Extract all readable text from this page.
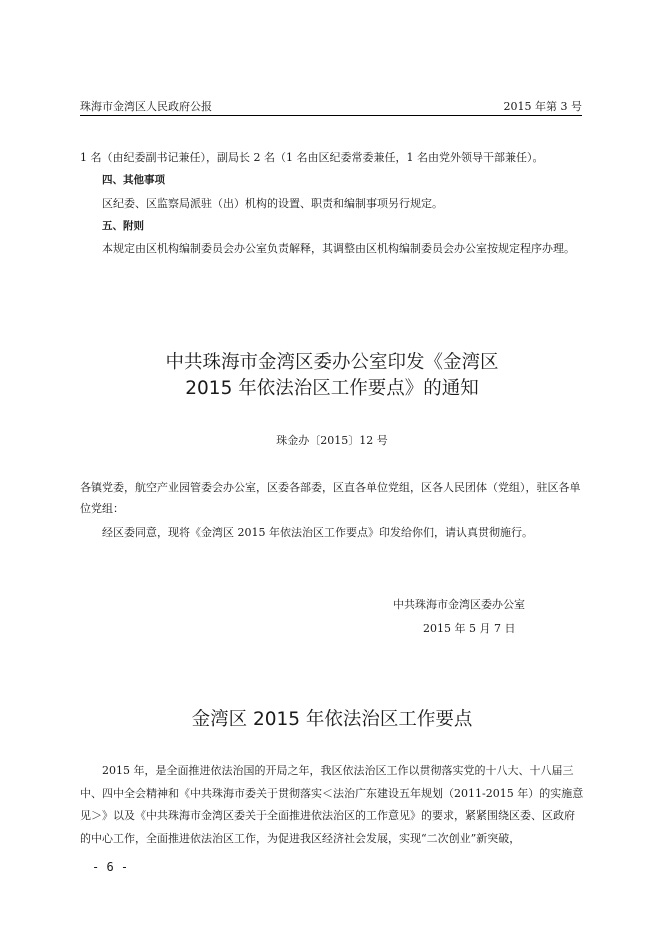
珠海市金湾区人民政府公报	2015 年第 3 号

1 名（由纪委副书记兼任），副局长 2 名（1 名由区纪委常委兼任，1 名由党外领导干部兼任）。

四、其他事项

区纪委、区监察局派驻（出）机构的设置、职责和编制事项另行规定。

五、附则

本规定由区机构编制委员会办公室负责解释，其调整由区机构编制委员会办公室按规定程序办理。

中共珠海市金湾区委办公室印发《金湾区
2015 年依法治区工作要点》的通知

珠金办〔2015〕12 号

各镇党委，航空产业园管委会办公室，区委各部委，区直各单位党组，区各人民团体（党组），驻区各单位党组：

经区委同意，现将《金湾区 2015 年依法治区工作要点》印发给你们，请认真贯彻施行。

中共珠海市金湾区委办公室
2015 年 5 月 7 日
金湾区 2015 年依法治区工作要点

2015 年，是全面推进依法治国的开局之年，我区依法治区工作以贯彻落实党的十八大、十八届三中、四中全会精神和《中共珠海市委关于贯彻落实＜法治广东建设五年规划（2011-2015 年）的实施意见＞》以及《中共珠海市金湾区委关于全面推进依法治区的工作意见》的要求，紧紧围绕区委、区政府的中心工作，全面推进依法治区工作，为促进我区经济社会发展，实现“二次创业”新突破，

- 6 -
